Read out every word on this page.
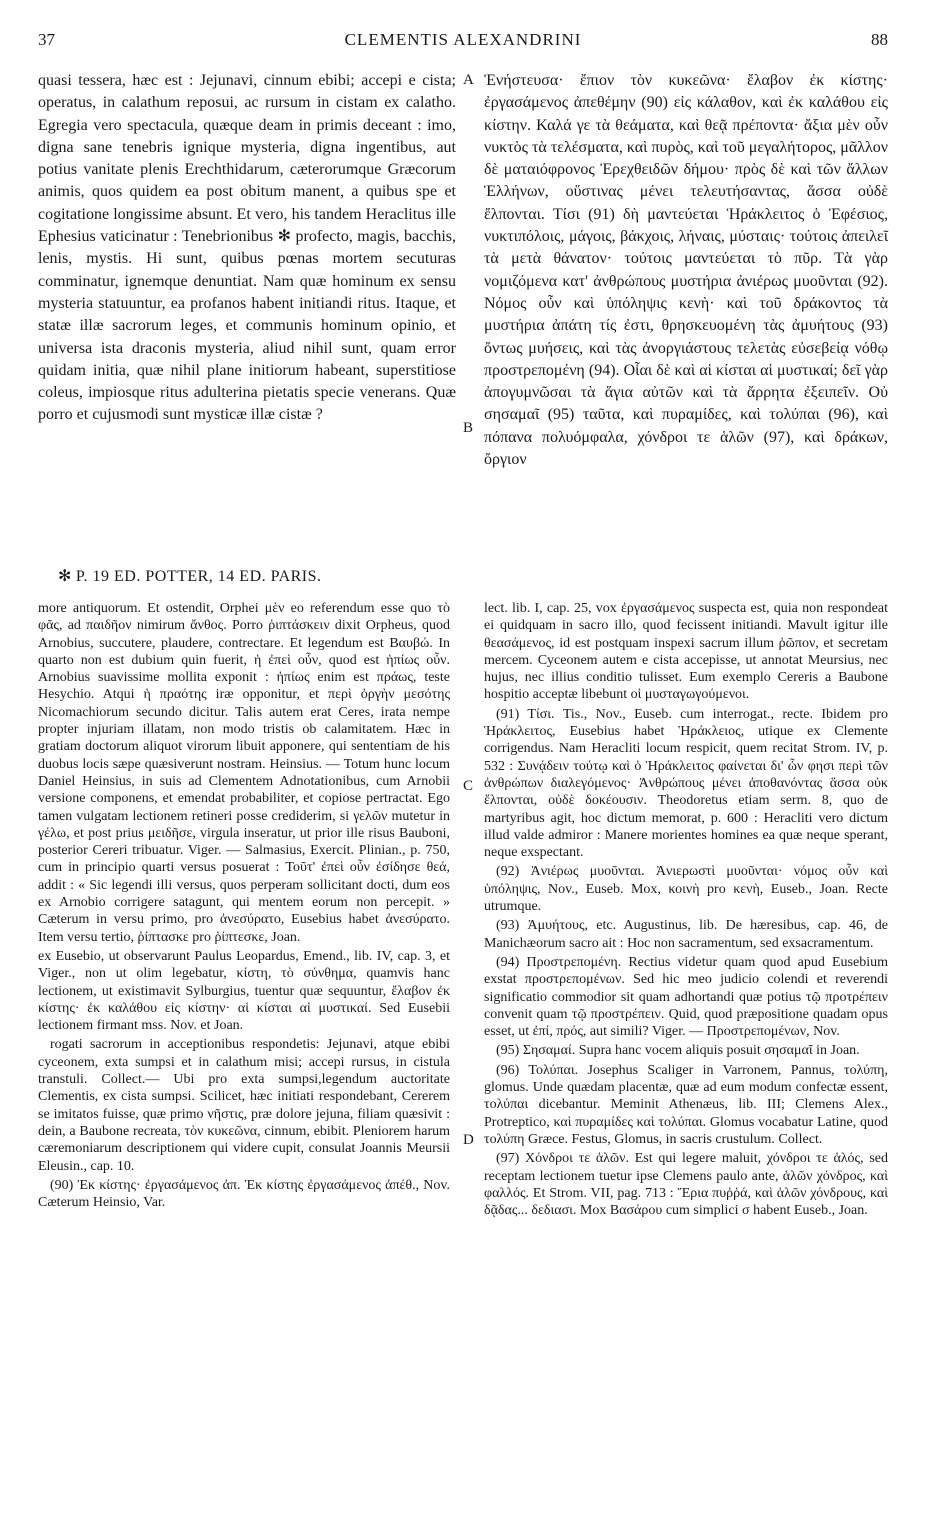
37	CLEMENTIS ALEXANDRINI	88

quasi tessera, hæc est : Jejunavi, cinnum ebibi; accepi e cista; operatus, in calathum reposui, ac rursum in cistam ex calatho. Egregia vero spectacula, quæque deam in primis deceant : imo, digna sane tenebris ignique mysteria, digna ingentibus, aut potius vanitate plenis Erechthidarum, cæterorumque Græcorum animis, quos quidem ea post obitum manent, a quibus spe et cogitatione longissime absunt. Et vero, his tandem Heraclitus ille Ephesius vaticinatur : Tenebrionibus ✻ profecto, magis, bacchis, lenis, mystis. Hi sunt, quibus pœnas mortem secuturas comminatur, ignemque denuntiat. Nam quæ hominum ex sensu mysteria statuuntur, ea profanos habent initiandi ritus. Itaque, et statæ illæ sacrorum leges, et communis hominum opinio, et universa ista draconis mysteria, aliud nihil sunt, quam error quidam initia, quæ nihil plane initiorum habeant, superstitiose coleus, impiosque ritus adulterina pietatis specie venerans. Quæ porro et cujusmodi sunt mysticæ illæ cistæ ?

Ἐνήστευσα· ἔπιον τὸν κυκεῶνα· ἔλαβον ἐκ κίστης· ἐργασάμενος ἀπεθέμην (90) εἰς κάλαθον, καὶ ἐκ καλάθου εἰς κίστην. Καλά γε τὰ θεάματα, καὶ θεᾷ πρέποντα· ἄξια μὲν οὖν νυκτὸς τὰ τελέσματα, καὶ πυρὸς, καὶ τοῦ μεγαλήτορος, μᾶλλον δὲ ματαιόφρονος Ἐρεχθειδῶν δήμου· πρὸς δὲ καὶ τῶν ἄλλων Ἑλλήνων, οὕστινας μένει τελευτήσαντας, ἅσσα οὐδὲ ἔλπονται. Τίσι (91) δὴ μαντεύεται Ἡράκλειτος ὁ Ἐφέσιος, νυκτιπόλοις, μάγοις, βάκχοις, λήναις, μύσταις· τούτοις ἀπειλεῖ τὰ μετὰ θάνατον· τούτοις μαντεύεται τὸ πῦρ. Τὰ γὰρ νομιζόμενα κατ' ἀνθρώπους μυστήρια ἀνιέρως μυοῦνται (92). Νόμος οὖν καὶ ὑπόληψις κενὴ· καὶ τοῦ δράκοντος τὰ μυστήρια ἀπάτη τίς ἐστι, θρησκευομένη τὰς ἀμυήτους (93) ὄντως μυήσεις, καὶ τὰς ἀνοργιάστους τελετὰς εὐσεβείᾳ νόθῳ προστρεπομένη (94). Οἷαι δὲ καὶ αἱ κίσται αἱ μυστικαί; δεῖ γὰρ ἀπογυμνῶσαι τὰ ἅγια αὐτῶν καὶ τὰ ἄρρητα ἐξειπεῖν. Οὐ σησαμαῖ (95) ταῦτα, καὶ πυραμίδες, καὶ τολύπαι (96), καὶ πόπανα πολυόμφαλα, χόνδροι τε ἁλῶν (97), καὶ δράκων, ὄργιον

A
B
C
D
✻ P. 19 ED. POTTER, 14 ED. PARIS.

more antiquorum. Et ostendit, Orphei μὲν eo referendum esse quo τὸ φᾶς, ad παιδῆον nimirum ἄνθος. Porro ῥιπτάσκειν dixit Orpheus, quod Arnobius, succutere, plaudere, contrectare. Et legendum est Βαυβώ. In quarto non est dubium quin fuerit, ἡ ἐπεὶ οὖν, quod est ἡπίως οὖν. Arnobius suavissime mollita exponit : ἠπίως enim est πράως, teste Hesychio. Atqui ἡ πραότης iræ opponitur, et περὶ ὀργὴν μεσότης Nicomachiorum secundo dicitur. Talis autem erat Ceres, irata nempe propter injuriam illatam, non modo tristis ob calamitatem. Hæc in gratiam doctorum aliquot virorum libuit apponere, qui sententiam de his duobus locis sæpe quæsiverunt nostram. Heinsius. — Totum hunc locum Daniel Heinsius, in suis ad Clementem Adnotationibus, cum Arnobii versione componens, et emendat probabiliter, et copiose pertractat. Ego tamen vulgatam lectionem retineri posse crediderim, si γελῶν mutetur in γέλω, et post prius μειδῆσε, virgula inseratur, ut prior ille risus Bauboni, posterior Cereri tribuatur. Viger. — Salmasius, Exercit. Plinian., p. 750, cum in principio quarti versus posuerat : Τοῦτ' ἐπεὶ οὖν ἐσίδησε θεά, addit : « Sic legendi illi versus, quos perperam sollicitant docti, dum eos ex Arnobio corrigere satagunt, qui mentem eorum non percepit. » Cæterum in versu primo, pro ἀνεσύρατο, Eusebius habet ἀνεσύρατο. Item versu tertio, ῥίπτασκε pro ῥίπτεσκε, Joan.

ex Eusebio, ut observarunt Paulus Leopardus, Emend., lib. IV, cap. 3, et Viger., non ut olim legebatur, κίστη, τὸ σύνθημα, quamvis hanc lectionem, ut existimavit Sylburgius, tuentur quæ sequuntur, ἔλαβον ἐκ κίστης· ἐκ καλάθου εἰς κίστην· αἱ κίσται αἱ μυστικαί. Sed Eusebii lectionem firmant mss. Nov. et Joan.

rogati sacrorum in acceptionibus respondetis: Jejunavi, atque ebibi cyceonem, exta sumpsi et in calathum misi; accepi rursus, in cistula transtuli. Collect.— Ubi pro exta sumpsi,legendum auctoritate Clementis, ex cista sumpsi. Scilicet, hæc initiati respondebant, Cererem se imitatos fuisse, quæ primo νῆστις, præ dolore jejuna, filiam quæsivit : dein, a Baubone recreata, τὸν κυκεῶνα, cinnum, ebibit. Pleniorem harum cæremoniarum descriptionem qui videre cupit, consulat Joannis Meursii Eleusin., cap. 10.

(90) Ἐκ κίστης· ἐργασάμενος ἀπ. Ἐκ κίστης ἐργασάμενος ἀπέθ., Nov. Cæterum Heinsio, Var.

lect. lib. I, cap. 25, vox ἐργασάμενος suspecta est, quia non respondeat ei quidquam in sacro illo, quod fecissent initiandi. Mavult igitur ille θεασάμενος, id est postquam inspexi sacrum illum ῥῶπον, et secretam mercem. Cyceonem autem e cista accepisse, ut annotat Meursius, nec hujus, nec illius conditio tulisset. Eum exemplo Cereris a Baubone hospitio acceptæ libebunt οἱ μυσταγωγούμενοι.

(91) Τίσι. Tis., Nov., Euseb. cum interrogat., recte. Ibidem pro Ἡράκλειτος, Eusebius habet Ἡράκλειος, utique ex Clemente corrigendus. Nam Heracliti locum respicit, quem recitat Strom. IV, p. 532 : Συνᾴδειν τούτῳ καὶ ὁ Ἡράκλειτος φαίνεται δι' ὧν φησι περὶ τῶν ἀνθρώπων διαλεγόμενος· Ἀνθρώπους μένει ἀποθανόντας ἅσσα οὐκ ἔλπονται, οὐδὲ δοκέουσιν. Theodoretus etiam serm. 8, quo de martyribus agit, hoc dictum memorat, p. 600 : Heracliti vero dictum illud valde admiror : Manere morientes homines ea quæ neque sperant, neque exspectant.

(92) Ἀνιέρως μυοῦνται. Ἀνιερωστὶ μυοῦνται· νόμος οὖν καὶ ὑπόληψις, Nov., Euseb. Mox, κοινὴ pro κενὴ, Euseb., Joan. Recte utrumque.

(93) Ἀμυήτους, etc. Augustinus, lib. De hæresibus, cap. 46, de Manichæorum sacro ait : Hoc non sacramentum, sed exsacramentum.

(94) Προστρεπομένη. Rectius videtur quam quod apud Eusebium exstat προστρεπομένων. Sed hic meo judicio colendi et reverendi significatio commodior sit quam adhortandi quæ potius τῷ προτρέπειν convenit quam τῷ προστρέπειν. Quid, quod præpositione quadam opus esset, ut ἐπί, πρός, aut simili? Viger. — Προστρεπομένων, Nov.

(95) Σησαμαί. Supra hanc vocem aliquis posuit σησαμαῖ in Joan.

(96) Τολύπαι. Josephus Scaliger in Varronem, Pannus, τολύπη, glomus. Unde quædam placentæ, quæ ad eum modum confectæ essent, τολύπαι dicebantur. Meminit Athenæus, lib. III; Clemens Alex., Protreptico, καὶ πυραμίδες καὶ τολύπαι. Glomus vocabatur Latine, quod τολύπη Græce. Festus, Glomus, in sacris crustulum. Collect.

(97) Χόνδροι τε ἁλῶν. Est qui legere maluit, χόνδροι τε ἁλός, sed receptam lectionem tuetur ipse Clemens paulo ante, ἁλῶν χόνδρος, καὶ φαλλός. Et Strom. VII, pag. 713 : Ἔρια πυῤῥά, καὶ ἁλῶν χόνδρους, καὶ δᾷδας... δεδιασι. Mox Βασάρου cum simplici σ habent Euseb., Joan.
